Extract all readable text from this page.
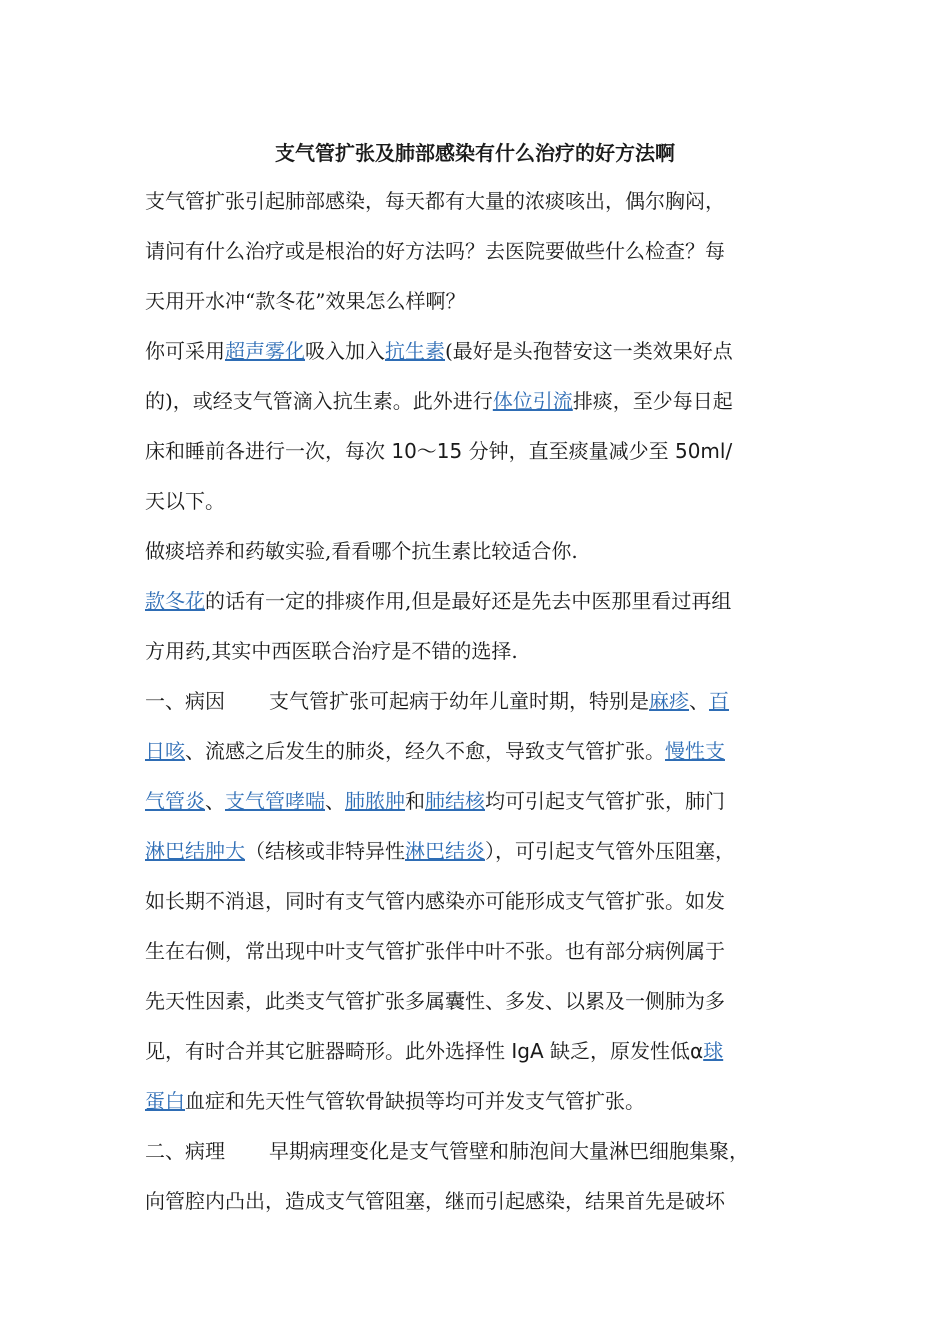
支气管扩张及肺部感染有什么治疗的好方法啊
支气管扩张引起肺部感染，每天都有大量的浓痰咳出，偶尔胸闷，
请问有什么治疗或是根治的好方法吗？去医院要做些什么检查？每
天用开水冲“款冬花”效果怎么样啊？
你可采用超声雾化吸入加入抗生素(最好是头孢替安这一类效果好点
的)，或经支气管滴入抗生素。此外进行体位引流排痰，至少每日起
床和睡前各进行一次，每次 10～15 分钟，直至痰量减少至 50ml/
天以下。
做痰培养和药敏实验,看看哪个抗生素比较适合你.
款冬花的话有一定的排痰作用,但是最好还是先去中医那里看过再组
方用药,其实中西医联合治疗是不错的选择.
一、病因 支气管扩张可起病于幼年儿童时期，特别是麻疹、百
日咳、流感之后发生的肺炎，经久不愈，导致支气管扩张。慢性支
气管炎、支气管哮喘、肺脓肿和肺结核均可引起支气管扩张，肺门
淋巴结肿大（结核或非特异性淋巴结炎），可引起支气管外压阻塞，
如长期不消退，同时有支气管内感染亦可能形成支气管扩张。如发
生在右侧，常出现中叶支气管扩张伴中叶不张。也有部分病例属于
先天性因素，此类支气管扩张多属囊性、多发、以累及一侧肺为多
见，有时合并其它脏器畸形。此外选择性 IgA 缺乏，原发性低α球
蛋白血症和先天性气管软骨缺损等均可并发支气管扩张。
二、病理 早期病理变化是支气管壁和肺泡间大量淋巴细胞集聚，
向管腔内凸出，造成支气管阻塞，继而引起感染，结果首先是破坏
